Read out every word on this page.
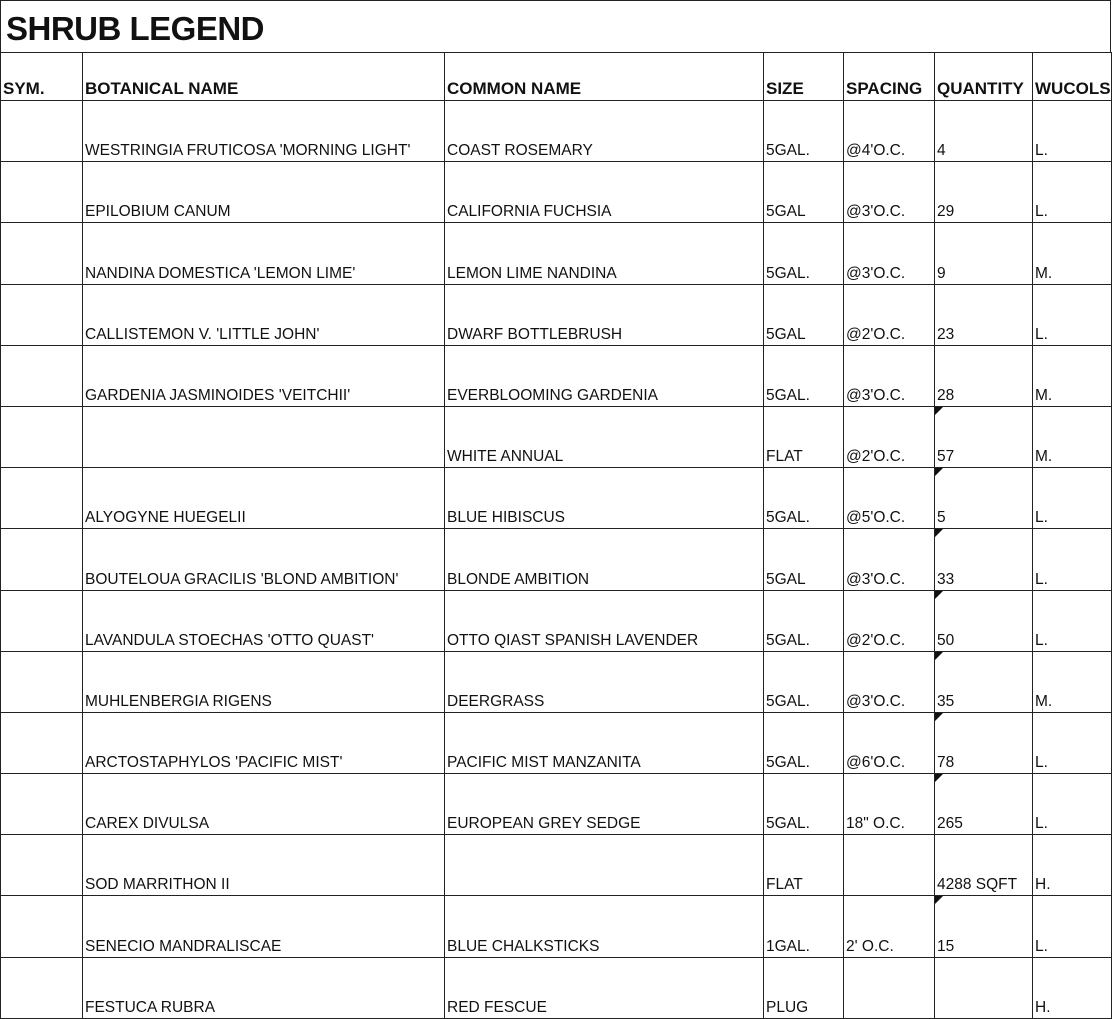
SHRUB LEGEND
SYM.	BOTANICAL NAME	COMMON NAME	SIZE	SPACING	QUANTITY	WUCOLS
	WESTRINGIA FRUTICOSA 'MORNING LIGHT'	COAST ROSEMARY	5GAL.	@4'O.C.	4	L.
	EPILOBIUM CANUM	CALIFORNIA FUCHSIA	5GAL	@3'O.C.	29	L.
	NANDINA DOMESTICA 'LEMON LIME'	LEMON LIME NANDINA	5GAL.	@3'O.C.	9	M.
	CALLISTEMON V. 'LITTLE JOHN'	DWARF BOTTLEBRUSH	5GAL	@2'O.C.	23	L.
	GARDENIA JASMINOIDES 'VEITCHII'	EVERBLOOMING GARDENIA	5GAL.	@3'O.C.	28	M.
		WHITE ANNUAL	FLAT	@2'O.C.	57	M.
	ALYOGYNE HUEGELII	BLUE HIBISCUS	5GAL.	@5'O.C.	5	L.
	BOUTELOUA GRACILIS 'BLOND AMBITION'	BLONDE AMBITION	5GAL	@3'O.C.	33	L.
	LAVANDULA STOECHAS 'OTTO QUAST'	OTTO QIAST SPANISH LAVENDER	5GAL.	@2'O.C.	50	L.
	MUHLENBERGIA RIGENS	DEERGRASS	5GAL.	@3'O.C.	35	M.
	ARCTOSTAPHYLOS 'PACIFIC MIST'	PACIFIC MIST MANZANITA	5GAL.	@6'O.C.	78	L.
	CAREX DIVULSA	EUROPEAN GREY SEDGE	5GAL.	18" O.C.	265	L.
	SOD MARRITHON II		FLAT		4288 SQFT	H.
	SENECIO MANDRALISCAE	BLUE CHALKSTICKS	1GAL.	2' O.C.	15	L.
	FESTUCA RUBRA	RED FESCUE	PLUG			H.
